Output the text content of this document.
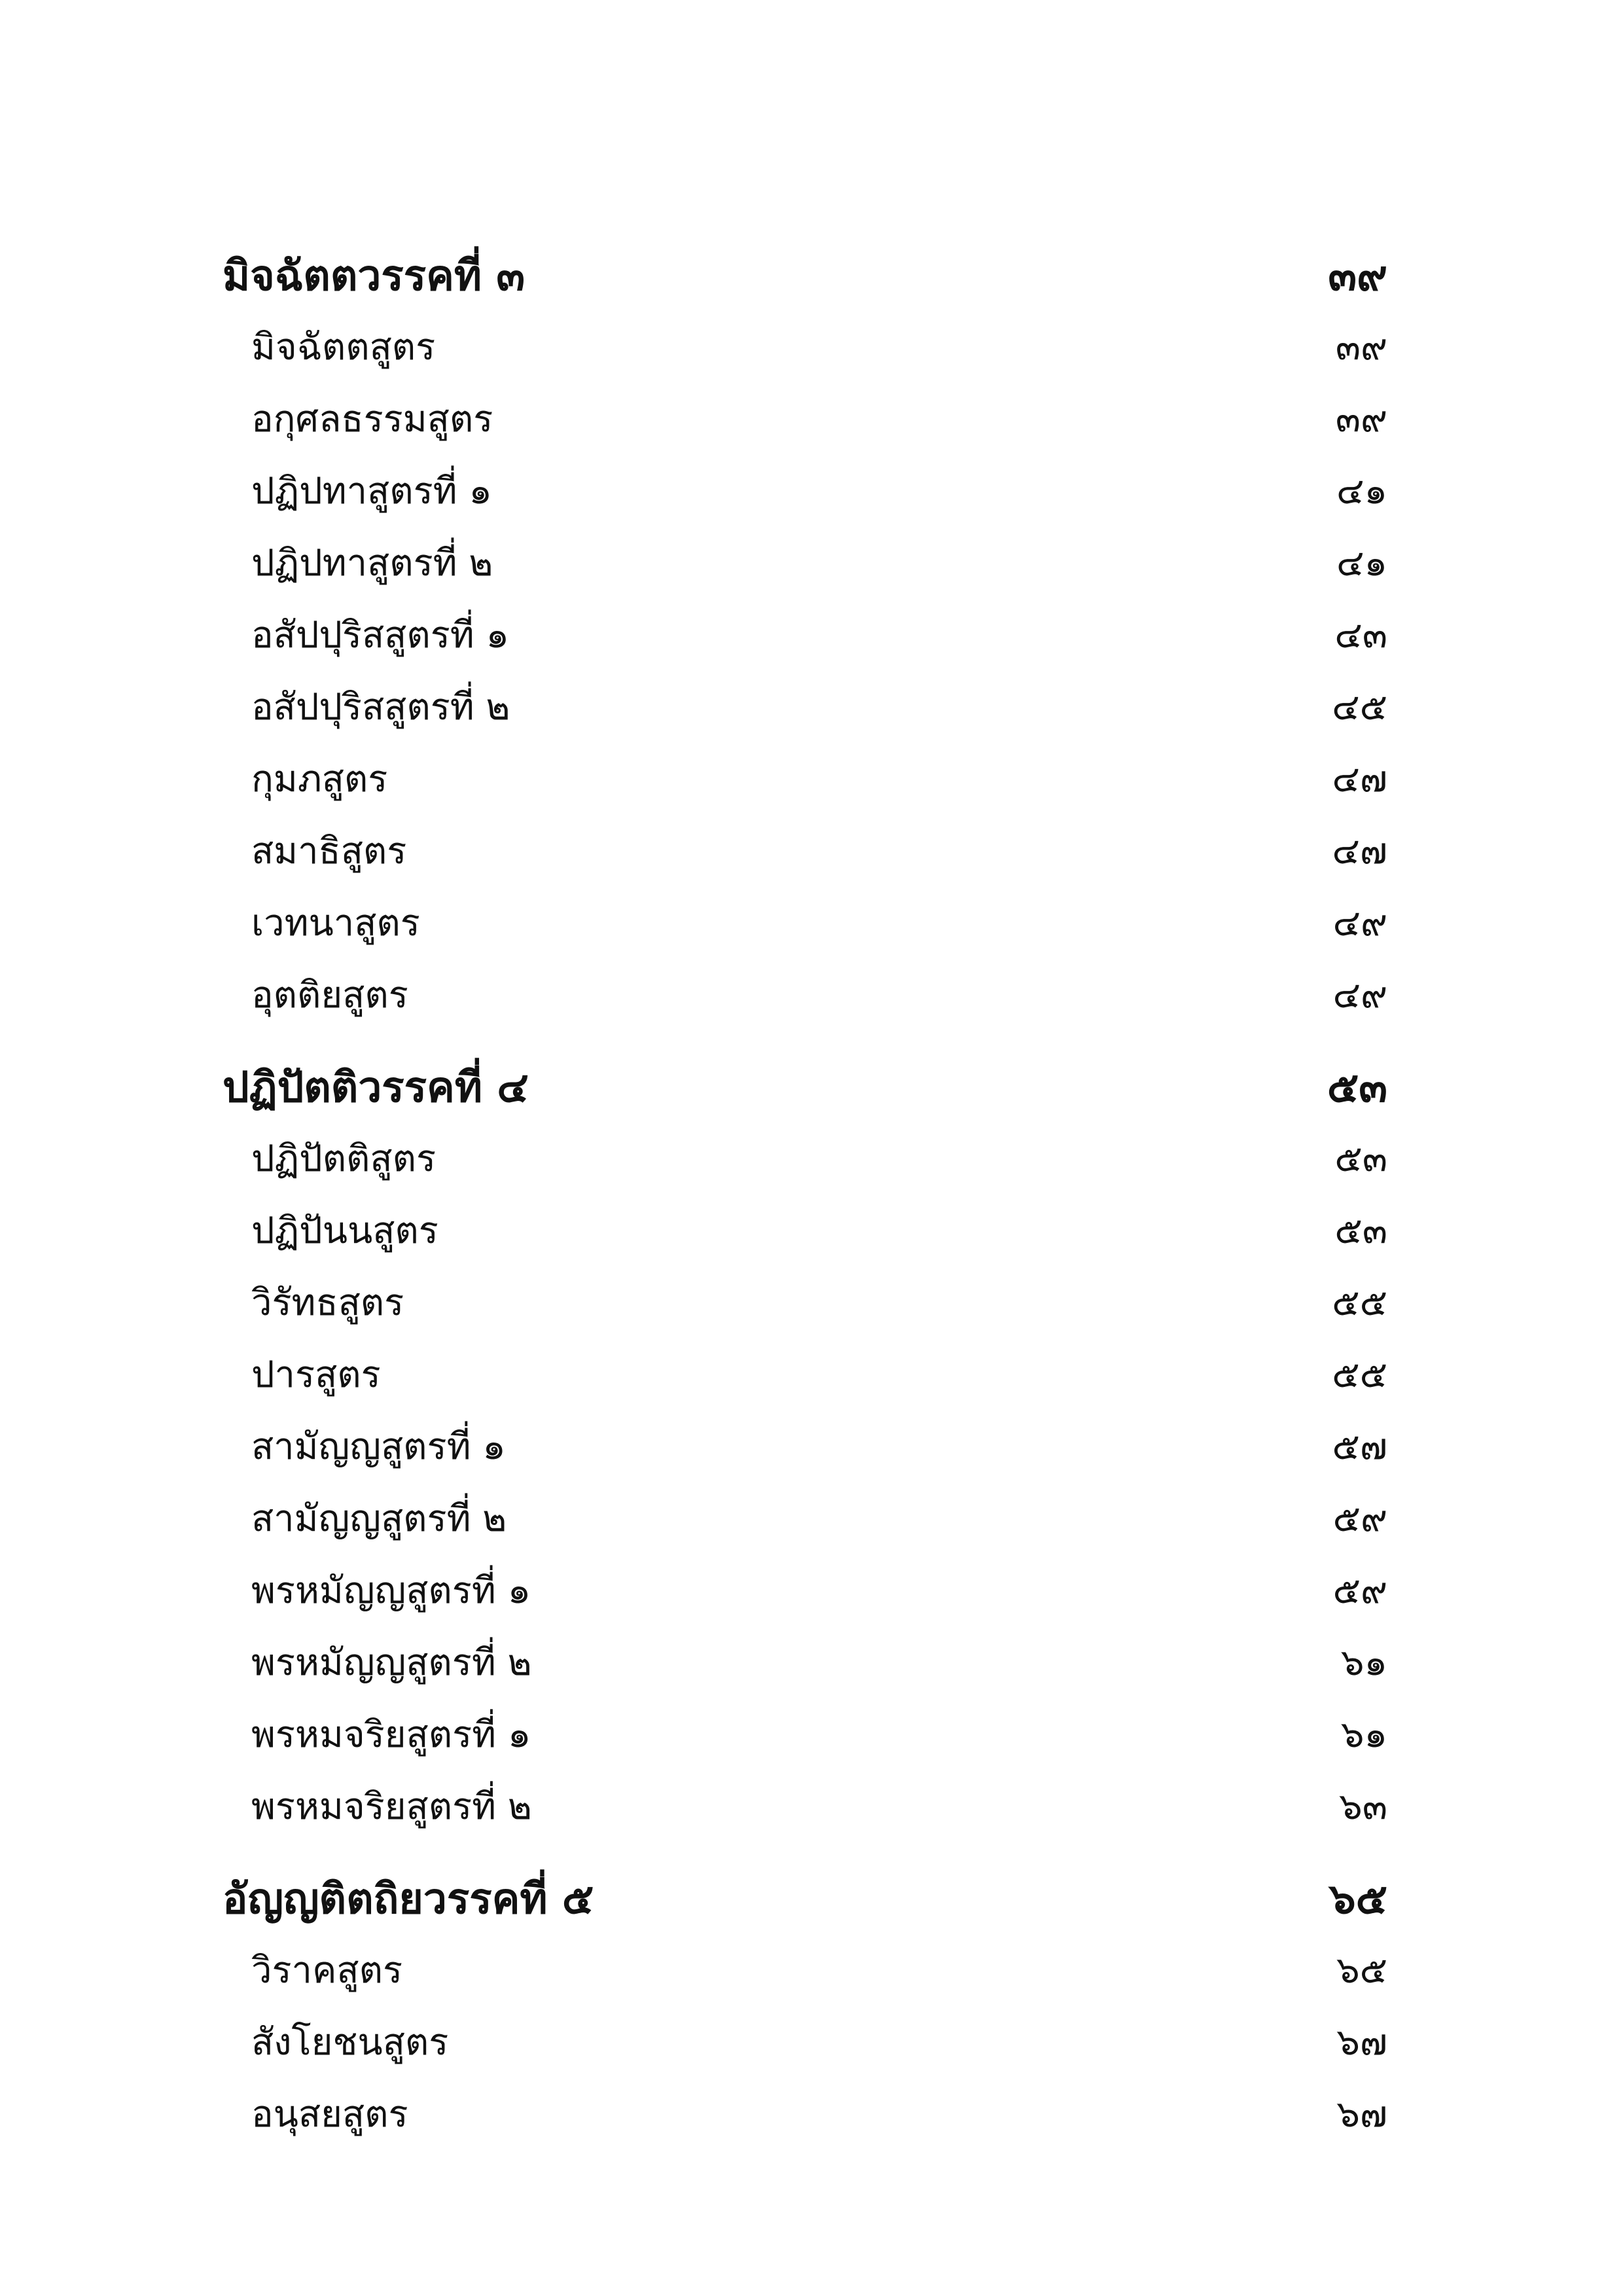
มิจฉัตตวรรคที่ ๓	๓๙
มิจฉัตตสูตร	๓๙
อกุศลธรรมสูตร	๓๙
ปฏิปทาสูตรที่ ๑	๔๑
ปฏิปทาสูตรที่ ๒	๔๑
อสัปปุริสสูตรที่ ๑	๔๓
อสัปปุริสสูตรที่ ๒	๔๕
กุมภสูตร	๔๗
สมาธิสูตร	๔๗
เวทนาสูตร	๔๙
อุตติยสูตร	๔๙
ปฏิปัตติวรรคที่ ๔	๕๓
ปฏิปัตติสูตร	๕๓
ปฏิปันนสูตร	๕๓
วิรัทธสูตร	๕๕
ปารสูตร	๕๕
สามัญญสูตรที่ ๑	๕๗
สามัญญสูตรที่ ๒	๕๙
พรหมัญญสูตรที่ ๑	๕๙
พรหมัญญสูตรที่ ๒	๖๑
พรหมจริยสูตรที่ ๑	๖๑
พรหมจริยสูตรที่ ๒	๖๓
อัญญติตถิยวรรคที่ ๕	๖๕
วิราคสูตร	๖๕
สังโยชนสูตร	๖๗
อนุสยสูตร	๖๗
